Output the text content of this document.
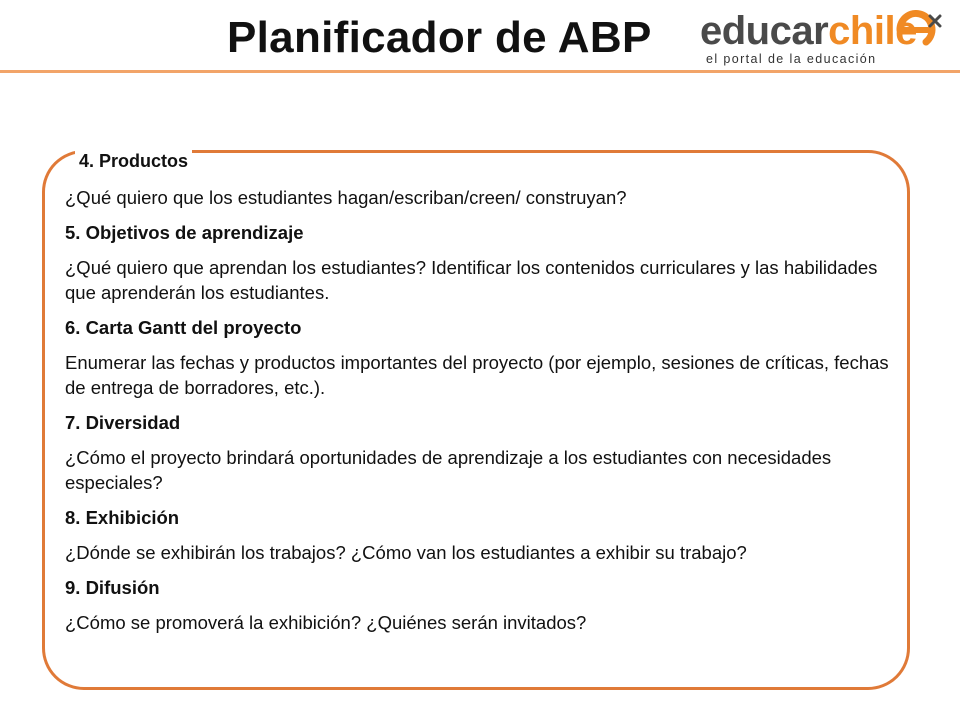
Planificador de ABP educarchile
el portal de la educación
4. Productos

¿Qué quiero que los estudiantes hagan/escriban/creen/ construyan?

5. Objetivos de aprendizaje

¿Qué quiero que aprendan los estudiantes? Identificar los contenidos curriculares y las habilidades que aprenderán los estudiantes.

6. Carta Gantt del proyecto

Enumerar las fechas y productos importantes del proyecto (por ejemplo, sesiones de críticas, fechas de entrega de borradores, etc.).

7. Diversidad

¿Cómo el proyecto brindará oportunidades de aprendizaje a los estudiantes con necesidades especiales?

8. Exhibición

¿Dónde se exhibirán los trabajos? ¿Cómo van los estudiantes a exhibir su trabajo?

9. Difusión

¿Cómo se promoverá la exhibición? ¿Quiénes serán invitados?
